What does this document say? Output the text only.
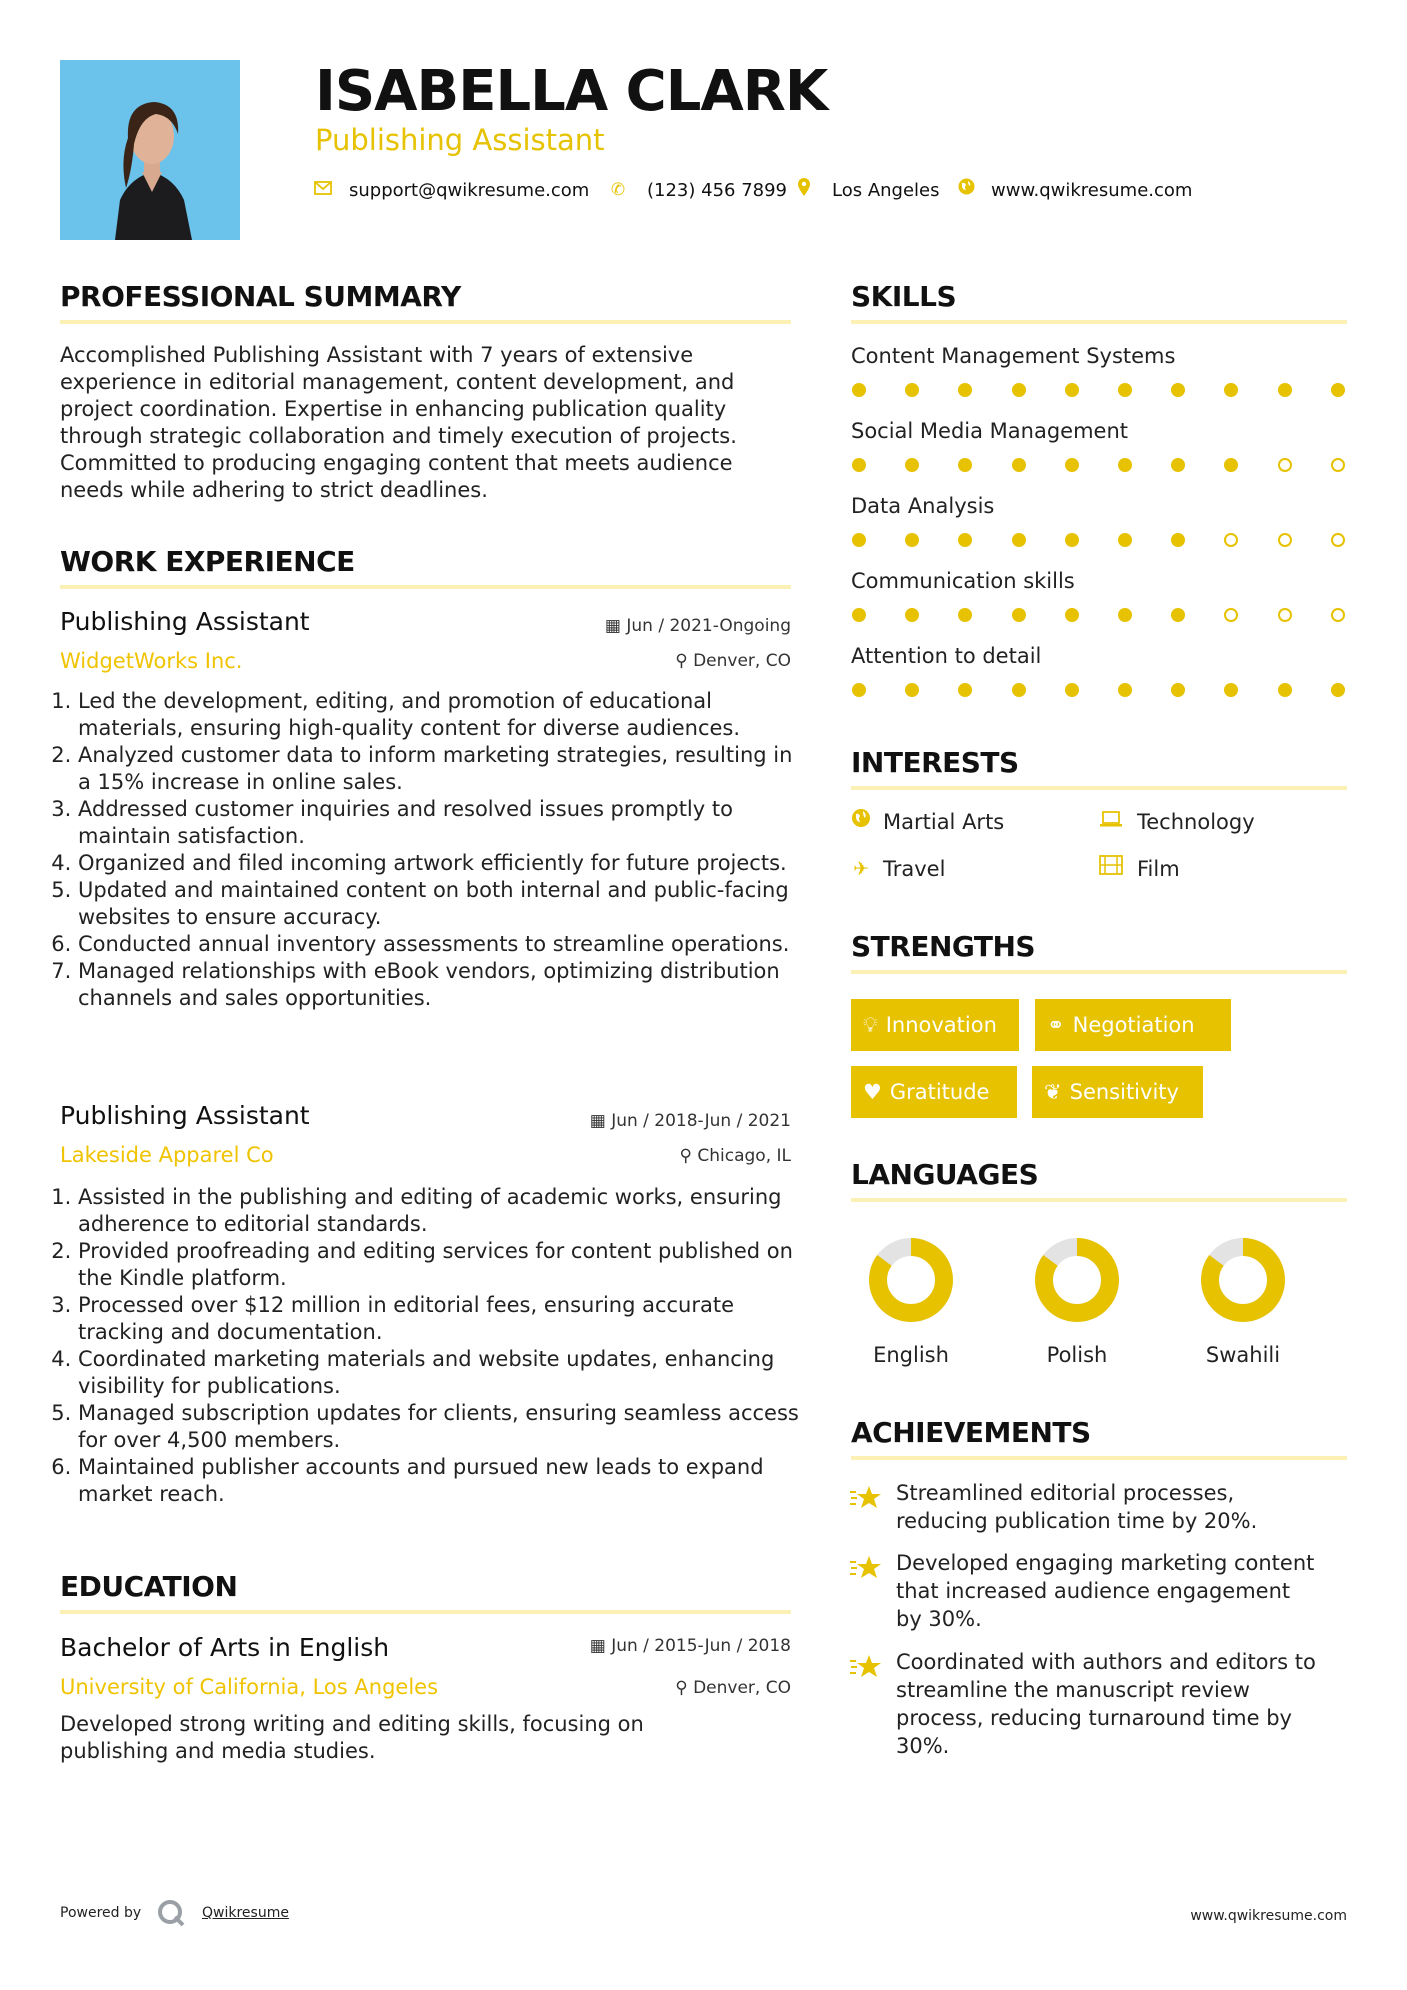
ISABELLA CLARK
Publishing Assistant
support@qwikresume.com ✆ (123) 456 7899 Los Angeles	www.qwikresume.com
PROFESSIONAL SUMMARY
Accomplished Publishing Assistant with 7 years of extensive
experience in editorial management, content development, and
project coordination. Expertise in enhancing publication quality
through strategic collaboration and timely execution of projects.
Committed to producing engaging content that meets audience
needs while adhering to strict deadlines.
WORK EXPERIENCE
Publishing Assistant	▦ Jun / 2021-Ongoing
WidgetWorks Inc.	⚲ Denver, CO
1. Led the development, editing, and promotion of educational materials, ensuring high-quality content for diverse audiences.
2. Analyzed customer data to inform marketing strategies, resulting in a 15% increase in online sales.
3. Addressed customer inquiries and resolved issues promptly to maintain satisfaction.
4. Organized and filed incoming artwork efficiently for future projects.
5. Updated and maintained content on both internal and public-facing websites to ensure accuracy.
6. Conducted annual inventory assessments to streamline operations.
7. Managed relationships with eBook vendors, optimizing distribution channels and sales opportunities.
Publishing Assistant	▦ Jun / 2018-Jun / 2021
Lakeside Apparel Co	⚲ Chicago, IL
1. Assisted in the publishing and editing of academic works, ensuring adherence to editorial standards.
2. Provided proofreading and editing services for content published on the Kindle platform.
3. Processed over $12 million in editorial fees, ensuring accurate tracking and documentation.
4. Coordinated marketing materials and website updates, enhancing visibility for publications.
5. Managed subscription updates for clients, ensuring seamless access for over 4,500 members.
6. Maintained publisher accounts and pursued new leads to expand market reach.
EDUCATION
Bachelor of Arts in English	▦ Jun / 2015-Jun / 2018
University of California, Los Angeles	⚲ Denver, CO
Developed strong writing and editing skills, focusing on
publishing and media studies.
SKILLS
Content Management Systems
Social Media Management
Data Analysis
Communication skills
Attention to detail
INTERESTS
Martial Arts	Technology
✈ Travel	Film
STRENGTHS
💡︎ Innovation	⚭ Negotiation
♥ Gratitude	❦ Sensitivity
LANGUAGES
English	Polish	Swahili
ACHIEVEMENTS
Streamlined editorial processes,
reducing publication time by 20%.
Developed engaging marketing content
that increased audience engagement
by 30%.
Coordinated with authors and editors to
streamline the manuscript review
process, reducing turnaround time by
30%.
Powered by	Qwikresume	www.qwikresume.com
